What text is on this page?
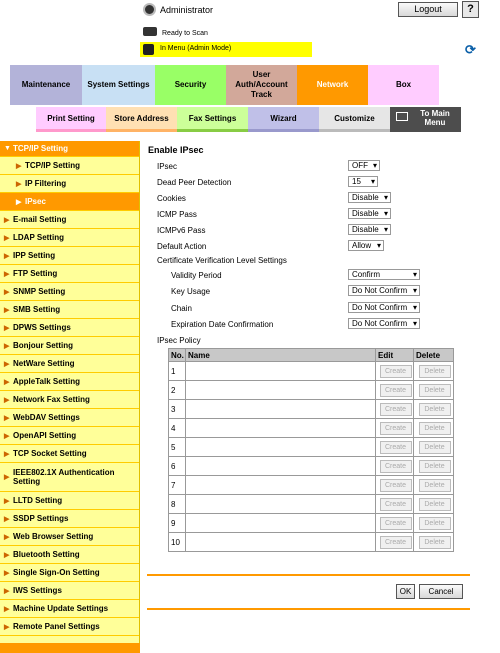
Administrator	Logout	?
Ready to Scan
In Menu (Admin Mode)	⟳
Maintenance	System Settings	Security
User Auth/Account Track
Network	Box
Print Setting	Store Address	Fax Settings	Wizard	Customize	To Main Menu
▼ TCP/IP Setting
▶ TCP/IP Setting
▶ IP Filtering
▶ IPsec
▶ E-mail Setting
▶ LDAP Setting
▶ IPP Setting
▶ FTP Setting
▶ SNMP Setting
▶ SMB Setting
▶ DPWS Settings
▶ Bonjour Setting
▶ NetWare Setting
▶ AppleTalk Setting
▶ Network Fax Setting
▶ WebDAV Settings
▶ OpenAPI Setting
▶ TCP Socket Setting
▶
IEEE802.1X Authentication Setting
▶ LLTD Setting
▶ SSDP Settings
▶ Web Browser Setting
▶ Bluetooth Setting
▶ Single Sign-On Setting
▶ IWS Settings
▶ Machine Update Settings
▶ Remote Panel Settings
Enable IPsec
IPsec	OFF ▾
Dead Peer Detection	15 ▾
Cookies	Disable ▾
ICMP Pass	Disable ▾
ICMPv6 Pass	Disable ▾
Default Action	Allow ▾
Certificate Verification Level Settings
Validity Period	Confirm ▾
Key Usage	Do Not Confirm ▾
Chain	Do Not Confirm ▾
Expiration Date Confirmation	Do Not Confirm ▾
IPsec Policy
No.	Name	Edit	Delete
1		Create	Delete

2		Create	Delete

3		Create	Delete

4		Create	Delete

5		Create	Delete

6		Create	Delete

7		Create	Delete

8		Create	Delete

9		Create	Delete

10		Create	Delete
OK	Cancel
